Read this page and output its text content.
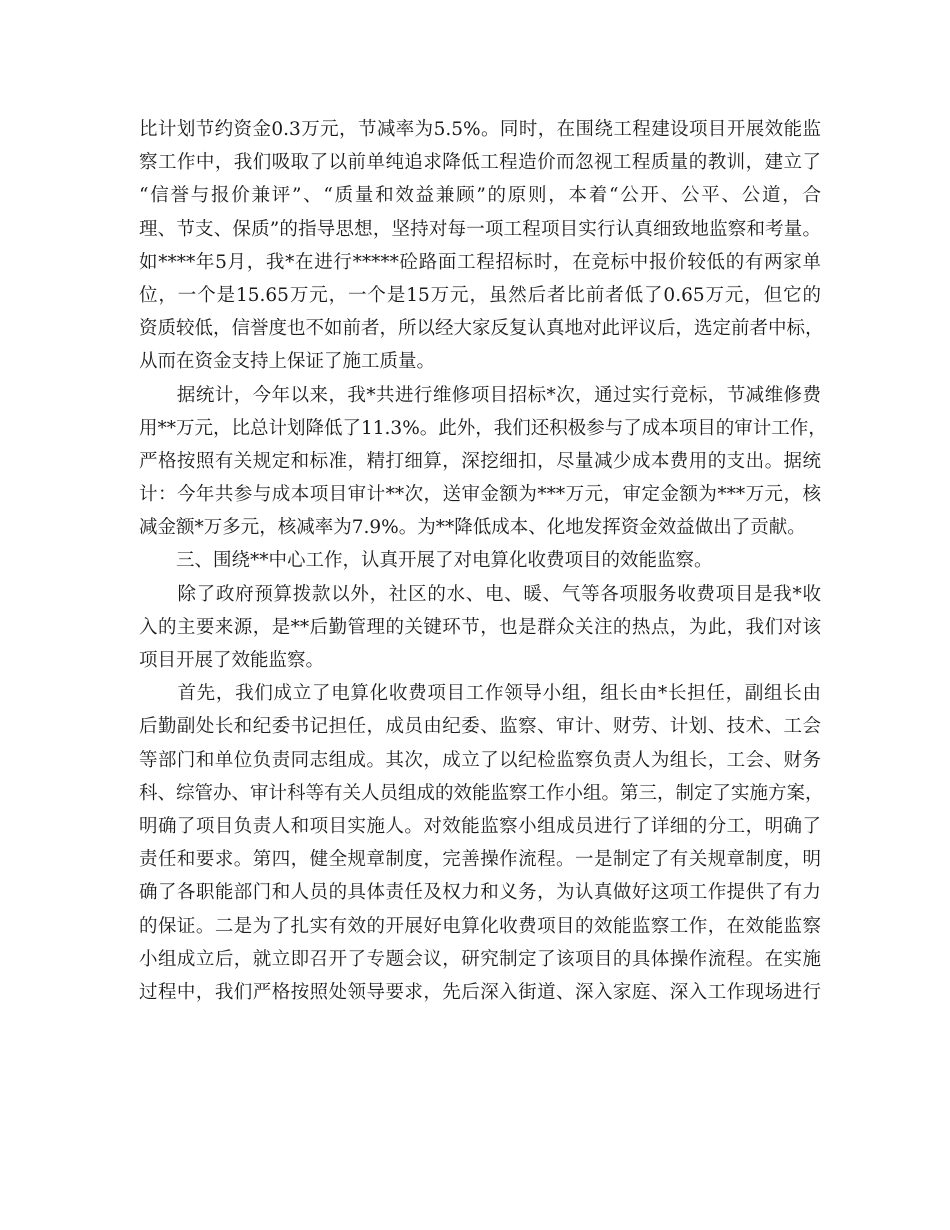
比计划节约资金0.3万元，节减率为5.5%。同时，在围绕工程建设项目开展效能监
察工作中，我们吸取了以前单纯追求降低工程造价而忽视工程质量的教训，建立了
“信誉与报价兼评”、“质量和效益兼顾”的原则，本着“公开、公平、公道，合
理、节支、保质”的指导思想，坚持对每一项工程项目实行认真细致地监察和考量。
如****年5月，我*在进行*****砼路面工程招标时，在竞标中报价较低的有两家单
位，一个是15.65万元，一个是15万元，虽然后者比前者低了0.65万元，但它的
资质较低，信誉度也不如前者，所以经大家反复认真地对此评议后，选定前者中标，
从而在资金支持上保证了施工质量。
　　据统计，今年以来，我*共进行维修项目招标*次，通过实行竞标，节减维修费
用**万元，比总计划降低了11.3%。此外，我们还积极参与了成本项目的审计工作，
严格按照有关规定和标准，精打细算，深挖细扣，尽量减少成本费用的支出。据统
计：今年共参与成本项目审计**次，送审金额为***万元，审定金额为***万元，核
减金额*万多元，核减率为7.9%。为**降低成本、化地发挥资金效益做出了贡献。
　　三、围绕**中心工作，认真开展了对电算化收费项目的效能监察。
　　除了政府预算拨款以外，社区的水、电、暖、气等各项服务收费项目是我*收
入的主要来源，是**后勤管理的关键环节，也是群众关注的热点，为此，我们对该
项目开展了效能监察。
　　首先，我们成立了电算化收费项目工作领导小组，组长由*长担任，副组长由
后勤副处长和纪委书记担任，成员由纪委、监察、审计、财劳、计划、技术、工会
等部门和单位负责同志组成。其次，成立了以纪检监察负责人为组长，工会、财务
科、综管办、审计科等有关人员组成的效能监察工作小组。第三，制定了实施方案，
明确了项目负责人和项目实施人。对效能监察小组成员进行了详细的分工，明确了
责任和要求。第四，健全规章制度，完善操作流程。一是制定了有关规章制度，明
确了各职能部门和人员的具体责任及权力和义务，为认真做好这项工作提供了有力
的保证。二是为了扎实有效的开展好电算化收费项目的效能监察工作，在效能监察
小组成立后，就立即召开了专题会议，研究制定了该项目的具体操作流程。在实施
过程中，我们严格按照处领导要求，先后深入街道、深入家庭、深入工作现场进行
